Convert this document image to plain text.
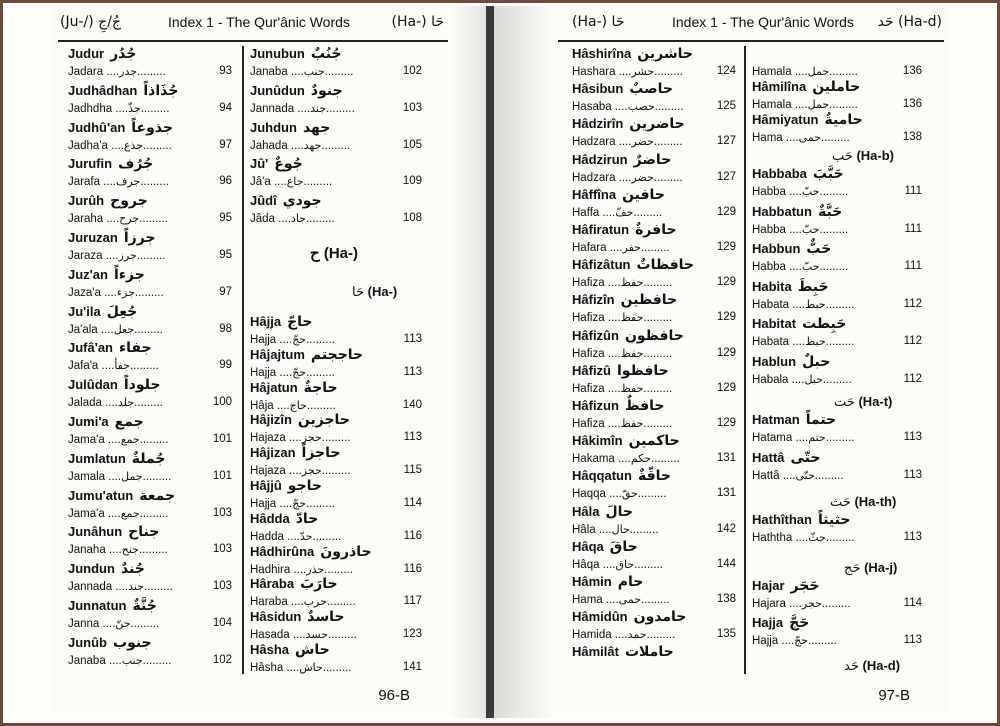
(Ju-/) جُ/جِ	Index 1 - The Qur'ânic Words	(Ha-) حَا
Judur جُدُر
Jadara ....جدر.........	93
Judhâdhan جُذَاذاً
Jadhdha ....جذّ.........	94
Judhû'an جذوعاً
Jadha'a ....جذع.........	97
Jurufin جُرُف
Jarafa ....جرف.........	96
Jurûh جروح
Jaraha ....جرح.........	95
Juruzan جرزاً
Jaraza ....جرز.........	95
Juz'an جزءاً
Jaza'a ....جزء.........	97
Ju'ila جُعِلَ
Ja'ala ....جعل.........	98
Jufâ'an جفاء
Jafa'a ....جفأ.........	99
Julûdan جلوداً
Jalada ....جلد.........	100
Jumi'a جمع
Jama'a ....جمع.........	101
Jumlatun جُملةٌ
Jamala ....جمل.........	101
Jumu'atun جمعة
Jama'a ....جمع.........	103
Junâhun جناح
Janaha ....جنح.........	103
Jundun جُندٌ
Jannada ....جند.........	103
Junnatun جُنَّةٌ
Janna ....جنّ.........	104
Junûb جنوب
Janaba ....جنب.........	102
Junubun جُنُبٌ
Janaba ....جنب.........	102
Junûdun جنودٌ
Jannada ....جند.........	103
Juhdun جهد
Jahada ....جهد.........	105
Jû' جُوعٌ
Jâ'a ....جاع.........	109
Jûdî جودي
Jâda ....جاد.........	108
ح (Ha-)
حَا (Ha-)
Hâjja حاجّ
Hajja ....حجّ.........	113
Hâjajtum حاججتم
Hajja ....حجّ.........	113
Hâjatun حاجةٌ
Hâja ....حاج.........	140
Hâjizîn حاجزين
Hajaza ....حجز.........	113
Hâjizan حاجزاً
Hajaza ....حجز.........	115
Hâjjû حاجو
Hajja ....حجّ.........	114
Hâdda حادّ
Hadda ....حدّ.........	116
Hâdhirûna حاذرونَ
Hadhira ....حذر.........	116
Hâraba حارَبَ
Haraba ....حرب.........	117
Hâsidun حاسدٌ
Hasada ....حسد.........	123
Hâsha حاش
Hâsha ....حاش.........	141
96-B
(Ha-) حَا	Index 1 - The Qur'ânic Words حَد (Ha-d)
Hâshirîna حاشرين
Hashara ....حشر.........	124
Hâsibun حاصبٌ
Hasaba ....حصب.........	125
Hâdzirîn حاضرين
Hadzara ....حضر.........	127
Hâdzirun حاضرٌ
Hadzara ....حضر.........	127
Hâffîna حافين
Haffa ....حفّ.........	129
Hâfiratun حافرةٌ
Hafara ....حفر.........	129
Hâfizâtun حافظاتٌ
Hafiza ....حفظ.........	129
Hâfizîn حافظين
Hafiza ....حفظ.........	129
Hâfizûn حافظون
Hafiza ....حفظ.........	129
Hâfizû حافظوا
Hafiza ....حفظ.........	129
Hâfizun حافظٌ
Hafiza ....حفظ.........	129
Hâkimîn حاكمين
Hakama ....حكم.........	131
Hâqqatun حاقّةٌ
Haqqa ....حقّ.........	131
Hâla حالَ
Hâla ....حال.........	142
Hâqa حاقَ
Hâqa ....حاق.........	144
Hâmin حام
Hama ....حمى.........	138
Hâmidûn حامدون
Hamida ....حمد.........	135
Hâmilât حاملات
Hamala ....حمل.........	136
Hâmilîna حاملين
Hamala ....حمل.........	136
Hâmiyatun حاميةٌ
Hama ....حمى.........	138
حَب (Ha-b)
Habbaba حَبَّبَ
Habba ....حبّ.........	111
Habbatun حَبَّةٌ
Habba ....حبّ.........	111
Habbun حَبٌّ
Habba ....حبّ.........	111
Habita حَبِطَ
Habata ....حبط.........	112
Habitat حَبِطت
Habata ....حبط.........	112
Hablun حبلٌ
Habala ....حبل.........	112
حَت (Ha-t)
Hatman حتماً
Hatama ....حتم.........	113
Hattâ حتّى
Hattâ ....حتّى.........	113
حَث (Ha-th)
Hathîthan حثيثاً
Haththa ....حثّ.........	113
حَج (Ha-j)
Hajar حَجَر
Hajara ....حجر.........	114
Hajja حَجَّ
Hajja ....حجّ.........	113
حَد (Ha-d)
97-B
